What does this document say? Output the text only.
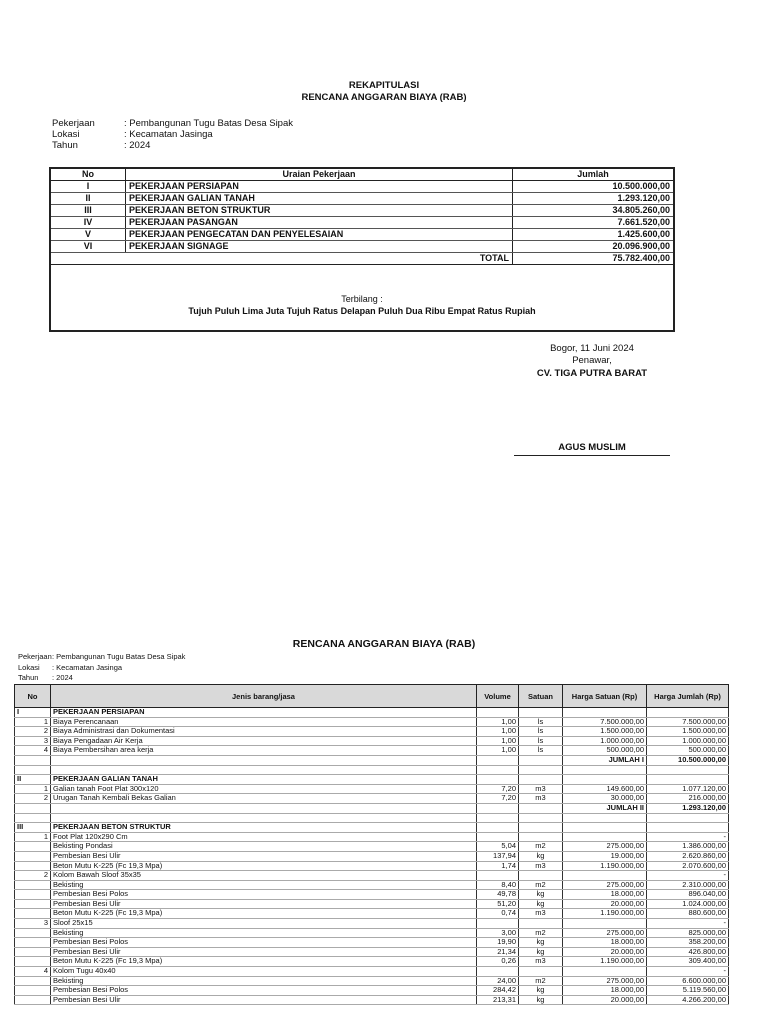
REKAPITULASI
RENCANA ANGGARAN BIAYA (RAB)
Pekerjaan	: Pembangunan Tugu Batas Desa Sipak
Lokasi	: Kecamatan Jasinga
Tahun	: 2024
No	Uraian Pekerjaan	Jumlah
I	PEKERJAAN PERSIAPAN	10.500.000,00
II	PEKERJAAN GALIAN TANAH	1.293.120,00
III	PEKERJAAN BETON STRUKTUR	34.805.260,00
IV	PEKERJAAN PASANGAN	7.661.520,00
V	PEKERJAAN PENGECATAN DAN PENYELESAIAN	1.425.600,00
VI	PEKERJAAN SIGNAGE	20.096.900,00
TOTAL		75.782.400,00
Terbilang :
Tujuh Puluh Lima Juta Tujuh Ratus Delapan Puluh Dua Ribu Empat Ratus Rupiah
Bogor, 11 Juni 2024
Penawar,
CV. TIGA PUTRA BARAT
AGUS MUSLIM
RENCANA ANGGARAN BIAYA (RAB)
Pekerjaan: Pembangunan Tugu Batas Desa Sipak
Lokasi : Kecamatan Jasinga
Tahun : 2024
No	Jenis barang/jasa	Volume	Satuan	Harga Satuan (Rp)	Harga Jumlah (Rp)
I	PEKERJAAN PERSIAPAN				
1	Biaya Perencanaan	1,00	ls	7.500.000,00	7.500.000,00
2	Biaya Administrasi dan Dokumentasi	1,00	ls	1.500.000,00	1.500.000,00
3	Biaya Pengadaan Air Kerja	1,00	ls	1.000.000,00	1.000.000,00
4	Biaya Pembersihan area kerja	1,00	ls	500.000,00	500.000,00
				JUMLAH I	10.500.000,00

II	PEKERJAAN GALIAN TANAH				
1	Galian tanah Foot Plat 300x120	7,20	m3	149.600,00	1.077.120,00
2	Urugan Tanah Kembali Bekas Galian	7,20	m3	30.000,00	216.000,00
				JUMLAH II	1.293.120,00

III	PEKERJAAN BETON STRUKTUR				
1	Foot Plat 120x290 Cm				-
	Bekisting Pondasi	5,04	m2	275.000,00	1.386.000,00
	Pembesian Besi Ulir	137,94	kg	19.000,00	2.620.860,00
	Beton Mutu K-225 (Fc 19,3 Mpa)	1,74	m3	1.190.000,00	2.070.600,00
2	Kolom Bawah Sloof 35x35				-
	Bekisting	8,40	m2	275.000,00	2.310.000,00
	Pembesian Besi Polos	49,78	kg	18.000,00	896.040,00
	Pembesian Besi Ulir	51,20	kg	20.000,00	1.024.000,00
	Beton Mutu K-225 (Fc 19,3 Mpa)	0,74	m3	1.190.000,00	880.600,00
3	Sloof 25x15				-
	Bekisting	3,00	m2	275.000,00	825.000,00
	Pembesian Besi Polos	19,90	kg	18.000,00	358.200,00
	Pembesian Besi Ulir	21,34	kg	20.000,00	426.800,00
	Beton Mutu K-225 (Fc 19,3 Mpa)	0,26	m3	1.190.000,00	309.400,00
4	Kolom Tugu 40x40				-
	Bekisting	24,00	m2	275.000,00	6.600.000,00
	Pembesian Besi Polos	284,42	kg	18.000,00	5.119.560,00
	Pembesian Besi Ulir	213,31	kg	20.000,00	4.266.200,00
